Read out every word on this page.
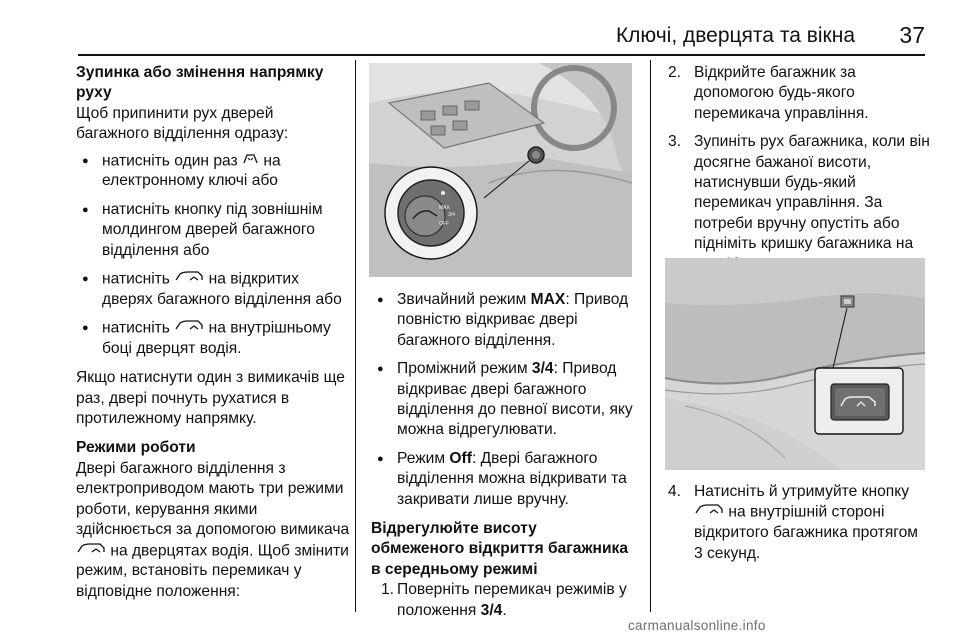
Ключі, дверцята та вікна 37

Зупинка або змінення напрямку руху

Щоб припинити рух дверей багажного відділення одразу:

● натисніть один раз на електронному ключі або
● натисніть кнопку під зовнішнім молдингом дверей багажного відділення або
● натисніть на відкритих дверях багажного відділення або
● натисніть на внутрішньому боці дверцят водія.

Якщо натиснути один з вимикачів ще раз, двері почнуть рухатися в протилежному напрямку.

Режими роботи

Двері багажного відділення з електроприводом мають три режими роботи, керування якими здійснюється за допомогою вимикача  на дверцятах водія. Щоб змінити режим, встановіть перемикач у відповідне положення:

MAX
3/4
OFF
● Звичайний режим MAX: Привод повністю відкриває двері багажного відділення.
● Проміжний режим 3/4: Привод відкриває двері багажного відділення до певної висоти, яку можна відрегулювати.
● Режим Off: Двері багажного відділення можна відкривати та закривати лише вручну.

Відрегулюйте висоту обмеженого відкриття багажника в середньому режимі

1. Поверніть перемикач режимів у положення 3/4.
2. Відкрийте багажник за допомогою будь-якого перемикача управління.
3. Зупиніть рух багажника, коли він досягне бажаної висоти, натиснувши будь-який перемикач управління. За потреби вручну опустіть або підніміть кришку багажника на
4. Натисніть й утримуйте кнопку  на внутрішній стороні відкритого багажника протягом 3 секунд.
carmanualsonline.info
